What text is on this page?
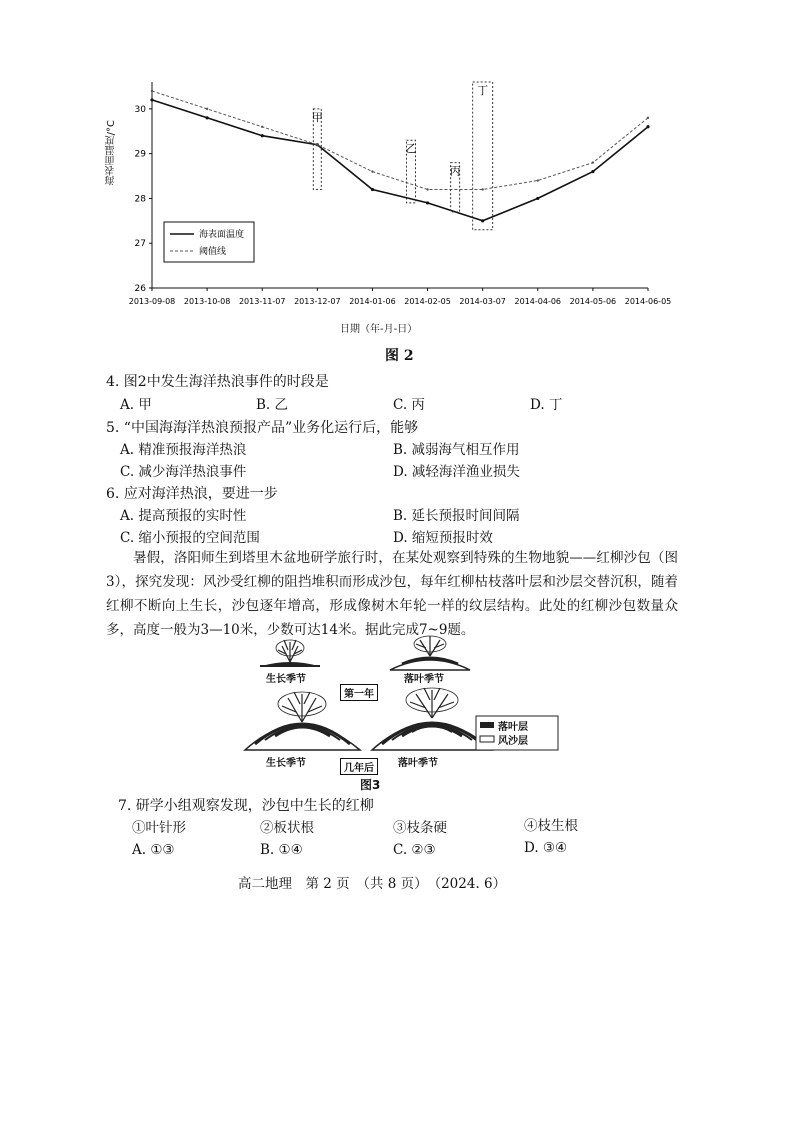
26
27
28
29
30
2013-09-08 2013-10-08 2013-11-07 2013-12-07 2014-01-06 2014-02-05 2014-03-07 2014-04-06 2014-05-06 2014-06-05
甲
乙
丙
丁
海表面温度
阈值线
海表面温度/°C
日期（年-月-日）
图 2
4. 图2中发生海洋热浪事件的时段是
A. 甲	B. 乙	C. 丙	D. 丁
5. “中国海海洋热浪预报产品”业务化运行后，能够
A. 精准预报海洋热浪	B. 减弱海气相互作用
C. 减少海洋热浪事件	D. 减轻海洋渔业损失
6. 应对海洋热浪，要进一步
A. 提高预报的实时性	B. 延长预报时间间隔
C. 缩小预报的空间范围	D. 缩短预报时效
暑假，洛阳师生到塔里木盆地研学旅行时，在某处观察到特殊的生物地貌——红柳沙包（图3），探究发现：风沙受红柳的阻挡堆积而形成沙包，每年红柳枯枝落叶层和沙层交替沉积，随着红柳不断向上生长，沙包逐年增高，形成像树木年轮一样的纹层结构。此处的红柳沙包数量众多，高度一般为3—10米，少数可达14米。据此完成7~9题。
生长季节	落叶季节
第一年
落叶层
风沙层
生长季节	落叶季节
几年后
图3
7. 研学小组观察发现，沙包中生长的红柳
①叶针形	②板状根	③枝条硬	④枝生根
A. ①③	B. ①④	C. ②③	D. ③④
高二地理　第 2 页　（共 8 页）　（2024. 6）
